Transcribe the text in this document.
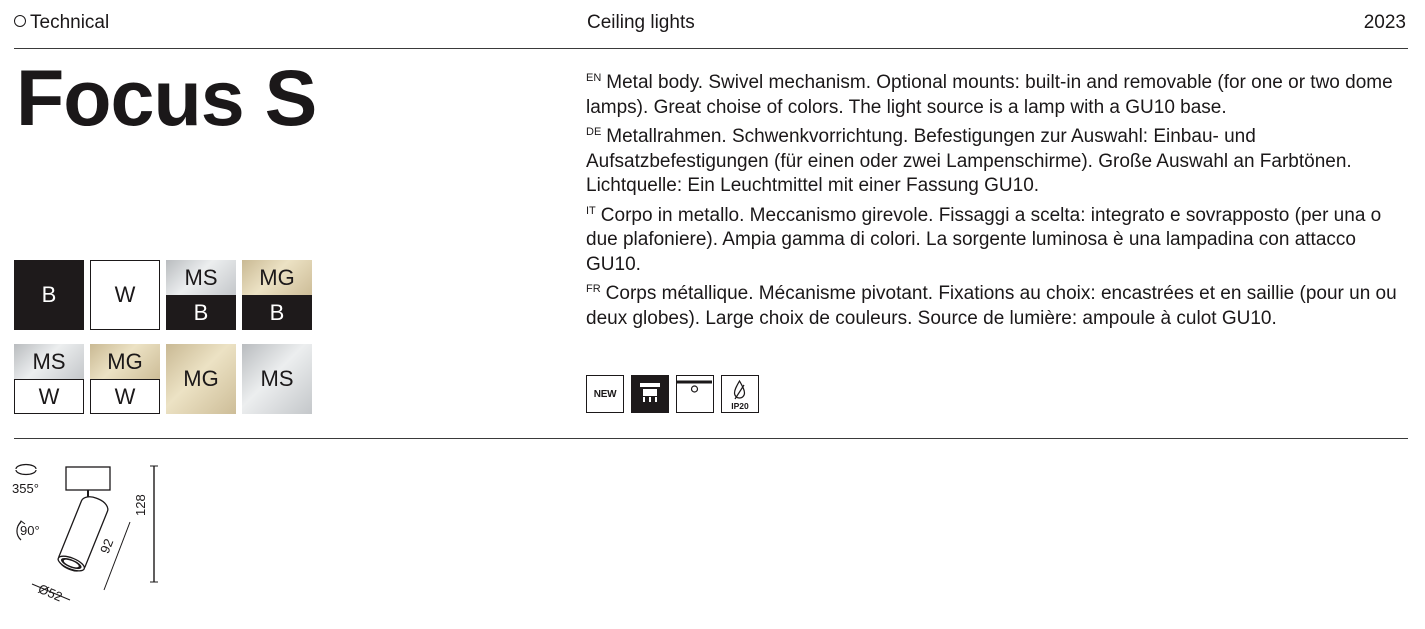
Technical	Ceiling lights	2023
Focus S	$^{EN}$ Metal body. Swivel mechanism. Optional mounts: built-in and removable (for one or two dome lamps). Great choise of colors. The light source is a lamp with a GU10 base.

$^{DE}$ Metallrahmen. Schwenkvorrichtung. Befestigungen zur Auswahl: Einbau- und Aufsatzbefestigungen (für einen oder zwei Lampenschirme). Große Auswahl an Farbtönen. Lichtquelle: Ein Leuchtmittel mit einer Fassung GU10.

$^{IT}$ Corpo in metallo. Meccanismo girevole. Fissaggi a scelta: integrato e sovrapposto (per una o due plafoniere). Ampia gamma di colori. La sorgente luminosa è una lampadina con attacco GU10.

$^{FR}$ Corps métallique. Mécanisme pivotant. Fixations au choix: encastrées et en saillie (pour un ou deux globes). Large choix de couleurs. Source de lumière: ampoule à culot GU10.

B	W
MS
B
MG
B
MS
W
MG
W
MG	MS
NEW
IP20
355°
90°
128
92
Ø52
